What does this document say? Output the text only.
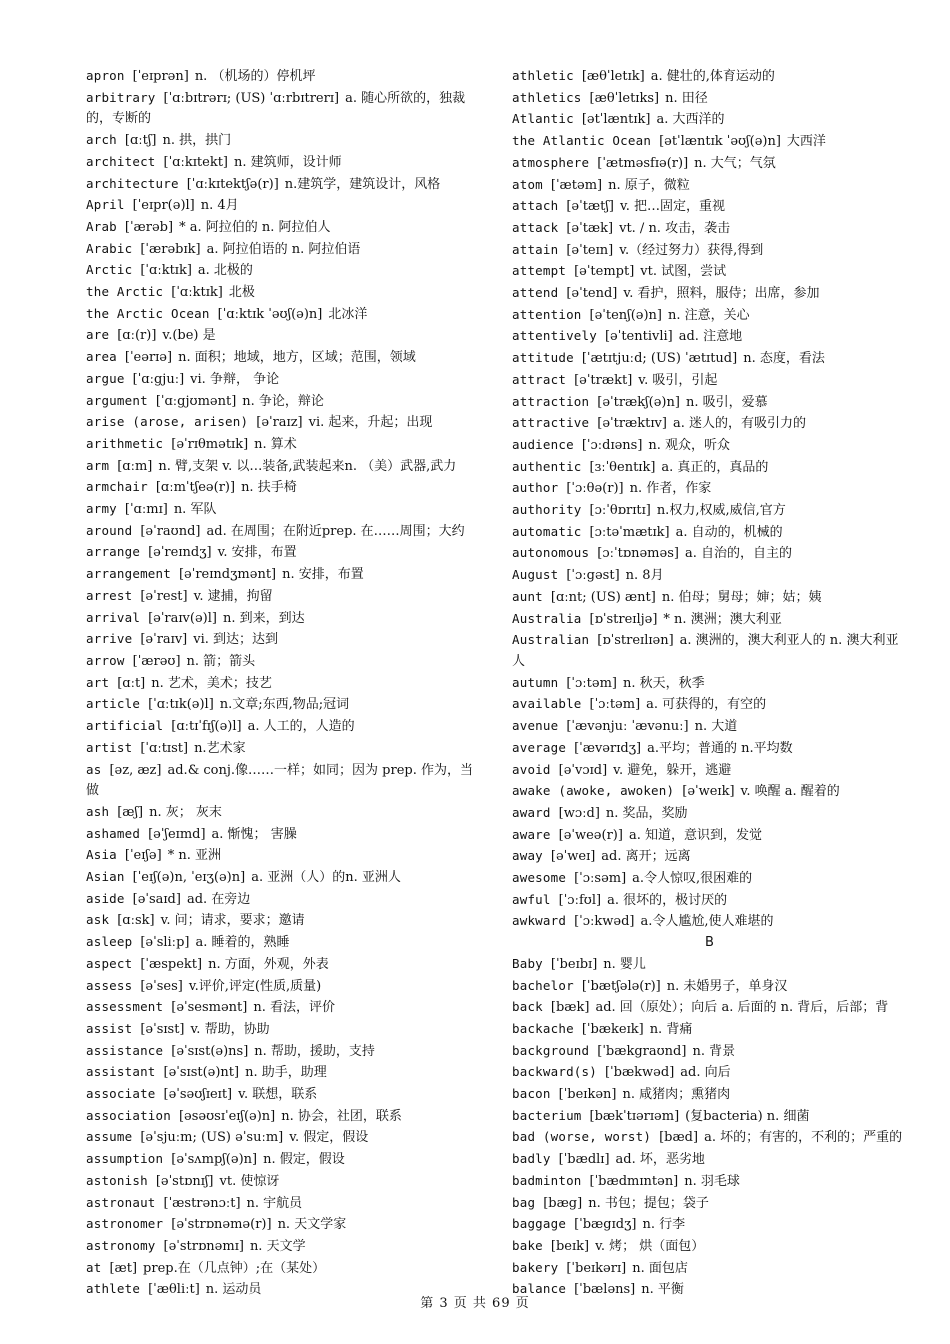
apron [ˈeɪprən] n. （机场的）停机坪
arbitrary [ˈɑːbɪtrərɪ; (US) ˈɑːrbɪtrerɪ] a. 随心所欲的，独裁的，专断的
arch [ɑːtʃ] n. 拱，拱门
architect [ˈɑːkɪtekt] n. 建筑师，设计师
architecture [ˈɑːkɪtektʃə(r)] n.建筑学，建筑设计，风格
April [ˈeɪpr(ə)l] n. 4月
Arab [ˈærəb] * a. 阿拉伯的 n. 阿拉伯人
Arabic [ˈærəbɪk] a. 阿拉伯语的 n. 阿拉伯语
Arctic [ˈɑːktɪk] a. 北极的
the Arctic [ˈɑːktɪk] 北极
the Arctic Ocean [ˈɑːktɪk ˈəʊʃ(ə)n] 北冰洋
are [ɑː(r)] v.(be) 是
area [ˈeərɪə] n. 面积；地域，地方，区域；范围，领域
argue [ˈɑːgjuː] vi. 争辩， 争论
argument [ˈɑːgjʊmənt] n. 争论，辩论
arise (arose, arisen) [əˈraɪz] vi. 起来，升起；出现
arithmetic [əˈrɪθmətɪk] n. 算术
arm [ɑːm] n. 臂,支架 v. 以…装备,武装起来n. （美）武器,武力
armchair [ɑːmˈtʃeə(r)] n. 扶手椅
army [ˈɑːmɪ] n. 军队
around [əˈraʊnd] ad. 在周围；在附近prep. 在……周围；大约
arrange [əˈreɪndʒ] v. 安排，布置
arrangement [əˈreɪndʒmənt] n. 安排，布置
arrest [əˈrest] v. 逮捕，拘留
arrival [əˈraɪv(ə)l] n. 到来，到达
arrive [əˈraɪv] vi. 到达；达到
arrow [ˈærəʊ] n. 箭；箭头
art [ɑːt] n. 艺术，美术；技艺
article [ˈɑːtɪk(ə)l] n.文章;东西,物品;冠词
artificial [ɑːtɪˈfɪʃ(ə)l] a. 人工的，人造的
artist [ˈɑːtɪst] n.艺术家
as [əz, æz] ad.& conj.像……一样；如同；因为 prep. 作为，当做
ash [æʃ] n. 灰； 灰末
ashamed [əˈʃeɪmd] a. 惭愧； 害臊
Asia [ˈeɪʃə] * n. 亚洲
Asian [ˈeɪʃ(ə)n, ˈeɪʒ(ə)n] a. 亚洲（人）的n. 亚洲人
aside [əˈsaɪd] ad. 在旁边
ask [ɑːsk] v. 问；请求，要求；邀请
asleep [əˈsliːp] a. 睡着的，熟睡
aspect [ˈæspekt] n. 方面，外观，外表
assess [əˈses] v.评价,评定(性质,质量)
assessment [əˈsesmənt] n. 看法，评价
assist [əˈsɪst] v. 帮助，协助
assistance [əˈsɪst(ə)ns] n. 帮助，援助，支持
assistant [əˈsɪst(ə)nt] n. 助手，助理
associate [əˈsəʊʃɪeɪt] v. 联想，联系
association [əsəʊsɪˈeɪʃ(ə)n] n. 协会，社团，联系
assume [əˈsjuːm; (US) əˈsuːm] v. 假定，假设
assumption [əˈsʌmpʃ(ə)n] n. 假定，假设
astonish [əˈstɒnɪʃ] vt. 使惊讶
astronaut [ˈæstrənɔːt] n. 宇航员
astronomer [əˈstrɒnəmə(r)] n. 天文学家
astronomy [əˈstrɒnəmɪ] n. 天文学
at [æt] prep.在（几点钟）;在（某处）
athlete [ˈæθliːt] n. 运动员
athletic [æθˈletɪk] a. 健壮的,体育运动的
athletics [æθˈletɪks] n. 田径
Atlantic [ətˈlæntɪk] a. 大西洋的
the Atlantic Ocean [ətˈlæntɪk ˈəʊʃ(ə)n] 大西洋
atmosphere [ˈætməsfɪə(r)] n. 大气；气氛
atom [ˈætəm] n. 原子，微粒
attach [əˈtætʃ] v. 把…固定，重视
attack [əˈtæk] vt. / n. 攻击，袭击
attain [əˈteɪn] v.（经过努力）获得,得到
attempt [əˈtempt] vt. 试图，尝试
attend [əˈtend] v. 看护，照料，服侍；出席，参加
attention [əˈtenʃ(ə)n] n. 注意，关心
attentively [əˈtentivli] ad. 注意地
attitude [ˈætɪtjuːd; (US) ˈætɪtud] n. 态度，看法
attract [əˈtrækt] v. 吸引，引起
attraction [əˈtrækʃ(ə)n] n. 吸引，爱慕
attractive [əˈtræktɪv] a. 迷人的，有吸引力的
audience [ˈɔːdɪəns] n. 观众，听众
authentic [ɜːˈθentɪk] a. 真正的，真品的
author [ˈɔːθə(r)] n. 作者，作家
authority [ɔːˈθɒrɪtɪ] n.权力,权威,威信,官方
automatic [ɔːtəˈmætɪk] a. 自动的，机械的
autonomous [ɔːˈtɒnəməs] a. 自治的，自主的
August [ˈɔːgəst] n. 8月
aunt [ɑːnt; (US) ænt] n. 伯母；舅母；婶；姑；姨
Australia [ɒˈstreɪljə] * n. 澳洲；澳大利亚
Australian [ɒˈstreɪlɪən] a. 澳洲的，澳大利亚人的 n. 澳大利亚人
autumn [ˈɔːtəm] n. 秋天，秋季
available [ˈɔːtəm] a. 可获得的，有空的
avenue [ˈævənjuː ˈævənuː] n. 大道
average [ˈævərɪdʒ] a.平均；普通的 n.平均数
avoid [əˈvɔɪd] v. 避免，躲开，逃避
awake (awoke, awoken) [əˈweɪk] v. 唤醒 a. 醒着的
award [wɔːd] n. 奖品，奖励
aware [əˈweə(r)] a. 知道，意识到，发觉
away [əˈweɪ] ad. 离开；远离
awesome [ˈɔːsəm] a.令人惊叹,很困难的
awful [ˈɔːfʊl] a. 很坏的，极讨厌的
awkward [ˈɔːkwəd] a.令人尴尬,使人难堪的
B
Baby [ˈbeɪbɪ] n. 婴儿
bachelor [ˈbætʃələ(r)] n. 未婚男子，单身汉
back [bæk] ad. 回（原处）；向后 a. 后面的 n. 背后，后部；背
backache [ˈbækeɪk] n. 背痛
background [ˈbækgraʊnd] n. 背景
backward(s) [ˈbækwəd] ad. 向后
bacon [ˈbeɪkən] n. 咸猪肉；熏猪肉
bacterium [bækˈtɪərɪəm] (复bacteria) n. 细菌
bad (worse, worst) [bæd] a. 坏的；有害的，不利的；严重的
badly [ˈbædlɪ] ad. 坏，恶劣地
badminton [ˈbædmɪntən] n. 羽毛球
bag [bæg] n. 书包；提包；袋子
baggage [ˈbægɪdʒ] n. 行李
bake [beɪk] v. 烤； 烘（面包）
bakery [ˈbeɪkərɪ] n. 面包店
balance [ˈbæləns] n. 平衡
第 3 页 共 69 页
